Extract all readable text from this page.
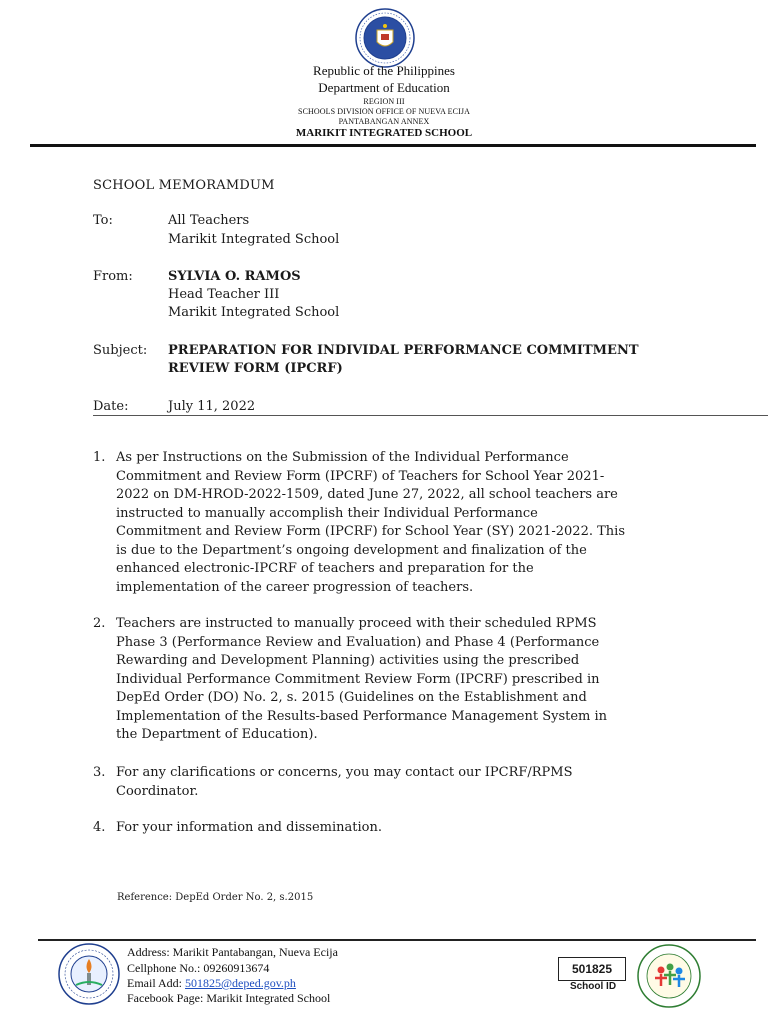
Republic of the Philippines
Department of Education
REGION III
SCHOOLS DIVISION OFFICE OF NUEVA ECIJA
PANTABANGAN ANNEX
MARIKIT INTEGRATED SCHOOL
SCHOOL MEMORAMDUM
To:	All Teachers
Marikit Integrated School
From:	SYLVIA O. RAMOS
Head Teacher III
Marikit Integrated School
Subject: PREPARATION FOR INDIVIDAL PERFORMANCE COMMITMENT
REVIEW FORM (IPCRF)
Date:	July 11, 2022
1. As per Instructions on the Submission of the Individual Performance
Commitment and Review Form (IPCRF) of Teachers for School Year 2021-
2022 on DM-HROD-2022-1509, dated June 27, 2022, all school teachers are
instructed to manually accomplish their Individual Performance
Commitment and Review Form (IPCRF) for School Year (SY) 2021-2022. This
is due to the Department’s ongoing development and finalization of the
enhanced electronic-IPCRF of teachers and preparation for the
implementation of the career progression of teachers.
2. Teachers are instructed to manually proceed with their scheduled RPMS
Phase 3 (Performance Review and Evaluation) and Phase 4 (Performance
Rewarding and Development Planning) activities using the prescribed
Individual Performance Commitment Review Form (IPCRF) prescribed in
DepEd Order (DO) No. 2, s. 2015 (Guidelines on the Establishment and
Implementation of the Results-based Performance Management System in
the Department of Education).
3. For any clarifications or concerns, you may contact our IPCRF/RPMS
Coordinator.
4. For your information and dissemination.
Reference: DepEd Order No. 2, s.2015
Address: Marikit Pantabangan, Nueva Ecija
Cellphone No.: 09260913674
Email Add: 501825@deped.gov.ph
Facebook Page: Marikit Integrated School
501825
School ID
